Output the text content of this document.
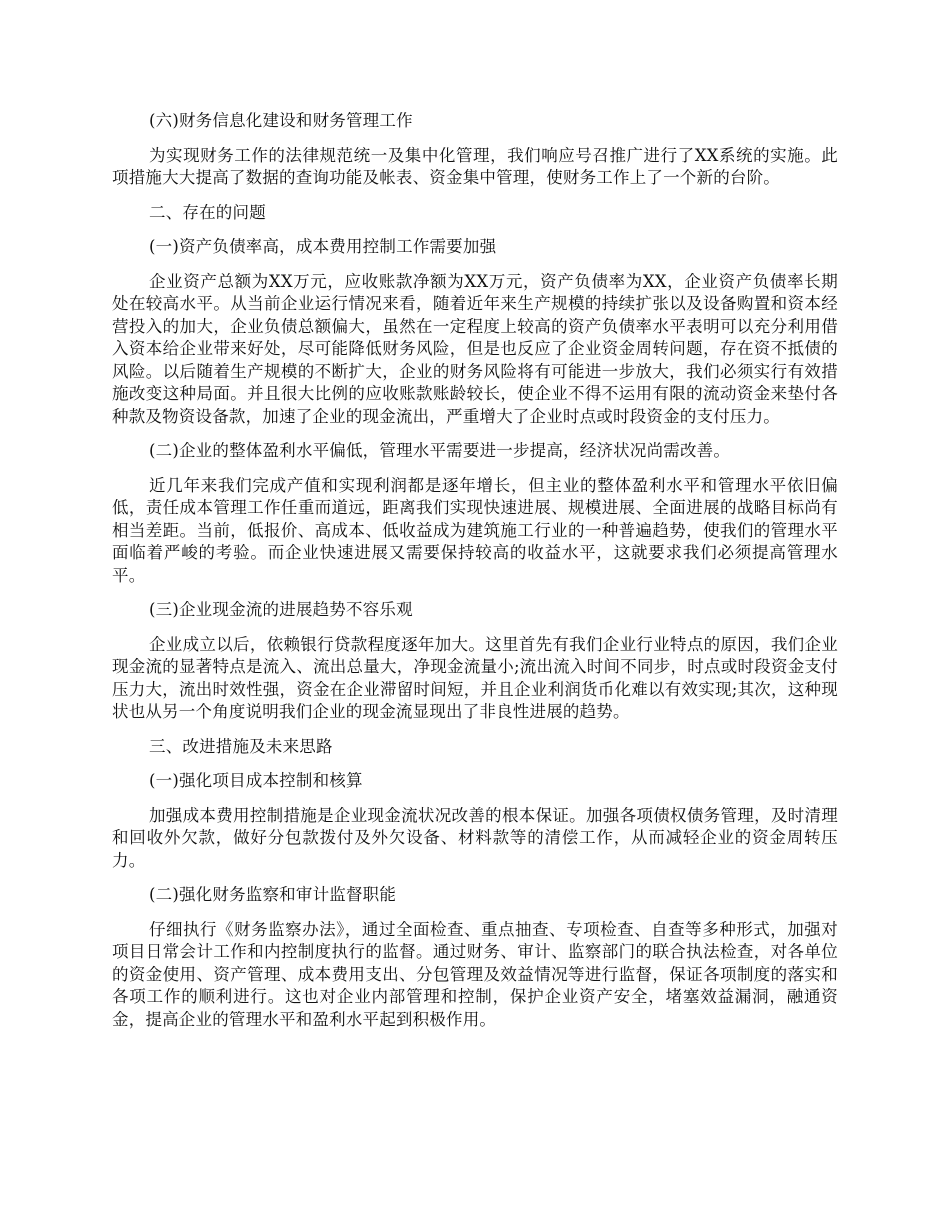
(六)财务信息化建设和财务管理工作

为实现财务工作的法律规范统一及集中化管理，我们响应号召推广进行了XX系统的实施。此项措施大大提高了数据的查询功能及帐表、资金集中管理，使财务工作上了一个新的台阶。

二、存在的问题

(一)资产负债率高，成本费用控制工作需要加强

企业资产总额为XX万元，应收账款净额为XX万元，资产负债率为XX，企业资产负债率长期处在较高水平。从当前企业运行情况来看，随着近年来生产规模的持续扩张以及设备购置和资本经营投入的加大，企业负债总额偏大，虽然在一定程度上较高的资产负债率水平表明可以充分利用借入资本给企业带来好处，尽可能降低财务风险，但是也反应了企业资金周转问题，存在资不抵债的风险。以后随着生产规模的不断扩大，企业的财务风险将有可能进一步放大，我们必须实行有效措施改变这种局面。并且很大比例的应收账款账龄较长，使企业不得不运用有限的流动资金来垫付各种款及物资设备款，加速了企业的现金流出，严重增大了企业时点或时段资金的支付压力。

(二)企业的整体盈利水平偏低，管理水平需要进一步提高，经济状况尚需改善。

近几年来我们完成产值和实现利润都是逐年增长，但主业的整体盈利水平和管理水平依旧偏低，责任成本管理工作任重而道远，距离我们实现快速进展、规模进展、全面进展的战略目标尚有相当差距。当前，低报价、高成本、低收益成为建筑施工行业的一种普遍趋势，使我们的管理水平面临着严峻的考验。而企业快速进展又需要保持较高的收益水平，这就要求我们必须提高管理水平。

(三)企业现金流的进展趋势不容乐观

企业成立以后，依赖银行贷款程度逐年加大。这里首先有我们企业行业特点的原因，我们企业现金流的显著特点是流入、流出总量大，净现金流量小;流出流入时间不同步，时点或时段资金支付压力大，流出时效性强，资金在企业滞留时间短，并且企业利润货币化难以有效实现;其次，这种现状也从另一个角度说明我们企业的现金流显现出了非良性进展的趋势。

三、改进措施及未来思路

(一)强化项目成本控制和核算

加强成本费用控制措施是企业现金流状况改善的根本保证。加强各项债权债务管理，及时清理和回收外欠款，做好分包款拨付及外欠设备、材料款等的清偿工作，从而减轻企业的资金周转压力。

(二)强化财务监察和审计监督职能

仔细执行《财务监察办法》，通过全面检查、重点抽查、专项检查、自查等多种形式，加强对项目日常会计工作和内控制度执行的监督。通过财务、审计、监察部门的联合执法检查，对各单位的资金使用、资产管理、成本费用支出、分包管理及效益情况等进行监督，保证各项制度的落实和各项工作的顺利进行。这也对企业内部管理和控制，保护企业资产安全，堵塞效益漏洞，融通资金，提高企业的管理水平和盈利水平起到积极作用。
